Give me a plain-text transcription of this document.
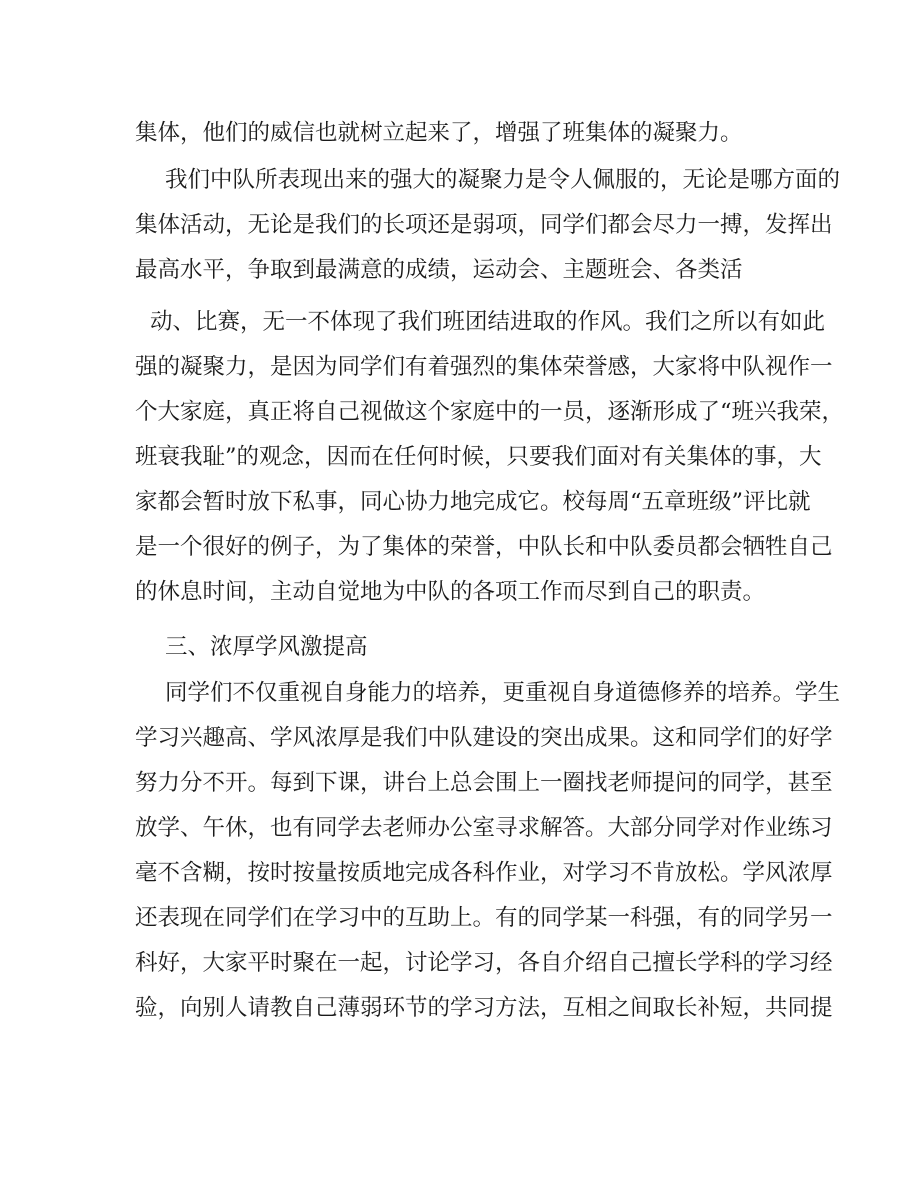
集体，他们的威信也就树立起来了，增强了班集体的凝聚力。
我们中队所表现出来的强大的凝聚力是令人佩服的，无论是哪方面的
集体活动，无论是我们的长项还是弱项，同学们都会尽力一搏，发挥出
最高水平，争取到最满意的成绩，运动会、主题班会、各类活
动、比赛，无一不体现了我们班团结进取的作风。我们之所以有如此
强的凝聚力，是因为同学们有着强烈的集体荣誉感，大家将中队视作一
个大家庭，真正将自己视做这个家庭中的一员，逐渐形成了“班兴我荣，
班衰我耻”的观念，因而在任何时候，只要我们面对有关集体的事，大
家都会暂时放下私事，同心协力地完成它。校每周“五章班级”评比就
是一个很好的例子，为了集体的荣誉，中队长和中队委员都会牺牲自己
的休息时间，主动自觉地为中队的各项工作而尽到自己的职责。
三、浓厚学风激提高
同学们不仅重视自身能力的培养，更重视自身道德修养的培养。学生
学习兴趣高、学风浓厚是我们中队建设的突出成果。这和同学们的好学
努力分不开。每到下课，讲台上总会围上一圈找老师提问的同学，甚至
放学、午休，也有同学去老师办公室寻求解答。大部分同学对作业练习
毫不含糊，按时按量按质地完成各科作业，对学习不肯放松。学风浓厚
还表现在同学们在学习中的互助上。有的同学某一科强，有的同学另一
科好，大家平时聚在一起，讨论学习，各自介绍自己擅长学科的学习经
验，向别人请教自己薄弱环节的学习方法，互相之间取长补短，共同提
